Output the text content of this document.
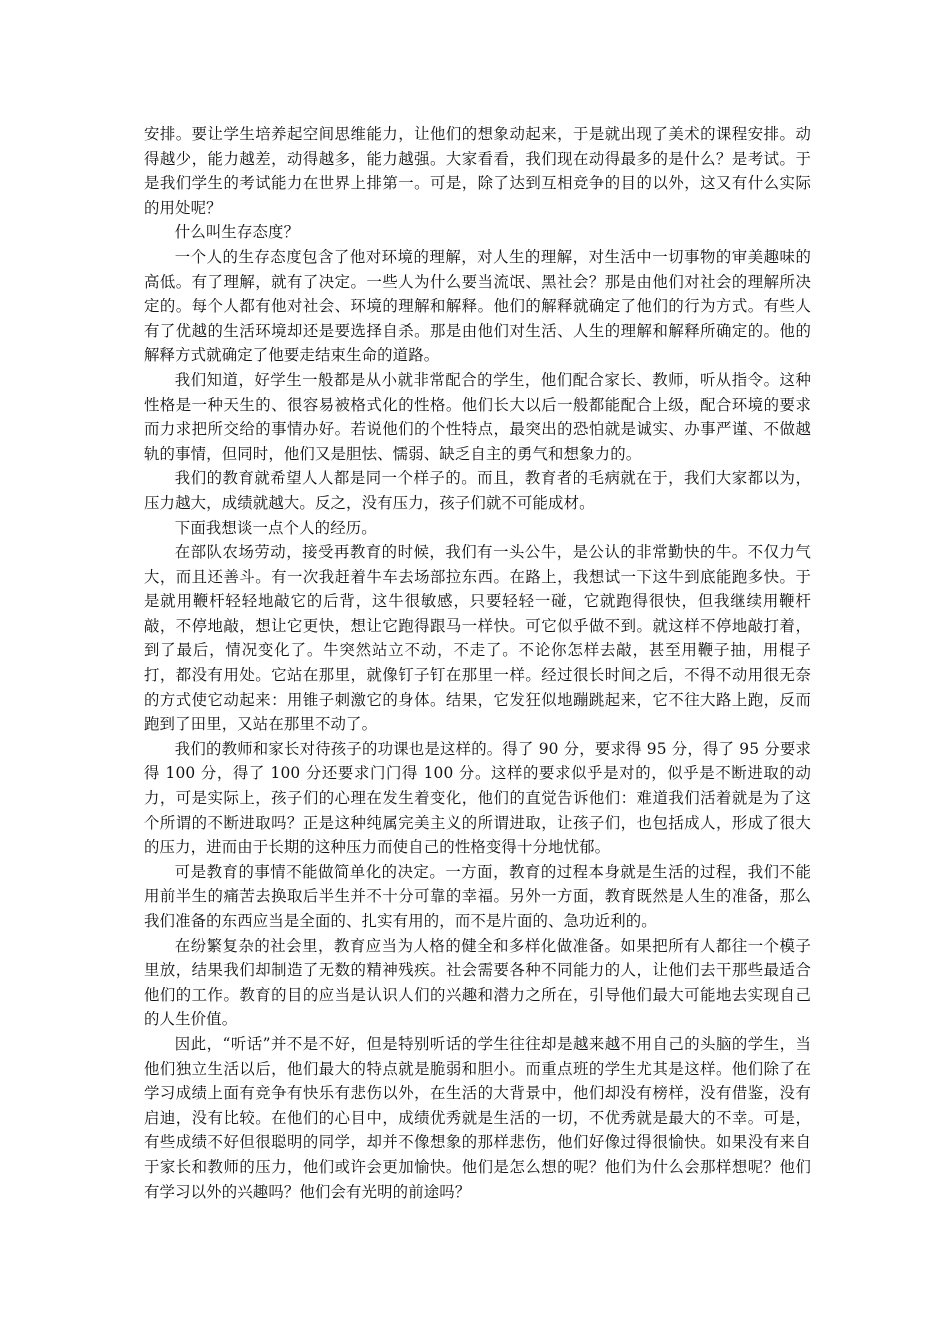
安排。要让学生培养起空间思维能力，让他们的想象动起来，于是就出现了美术的课程安排。动得越少，能力越差，动得越多，能力越强。大家看看，我们现在动得最多的是什么？是考试。于是我们学生的考试能力在世界上排第一。可是，除了达到互相竞争的目的以外，这又有什么实际的用处呢？

什么叫生存态度？

一个人的生存态度包含了他对环境的理解，对人生的理解，对生活中一切事物的审美趣味的高低。有了理解，就有了决定。一些人为什么要当流氓、黑社会？那是由他们对社会的理解所决定的。每个人都有他对社会、环境的理解和解释。他们的解释就确定了他们的行为方式。有些人有了优越的生活环境却还是要选择自杀。那是由他们对生活、人生的理解和解释所确定的。他的解释方式就确定了他要走结束生命的道路。

我们知道，好学生一般都是从小就非常配合的学生，他们配合家长、教师，听从指令。这种性格是一种天生的、很容易被格式化的性格。他们长大以后一般都能配合上级，配合环境的要求而力求把所交给的事情办好。若说他们的个性特点，最突出的恐怕就是诚实、办事严谨、不做越轨的事情，但同时，他们又是胆怯、懦弱、缺乏自主的勇气和想象力的。

我们的教育就希望人人都是同一个样子的。而且，教育者的毛病就在于，我们大家都以为，压力越大，成绩就越大。反之，没有压力，孩子们就不可能成材。

下面我想谈一点个人的经历。

在部队农场劳动，接受再教育的时候，我们有一头公牛，是公认的非常勤快的牛。不仅力气大，而且还善斗。有一次我赶着牛车去场部拉东西。在路上，我想试一下这牛到底能跑多快。于是就用鞭杆轻轻地敲它的后背，这牛很敏感，只要轻轻一碰，它就跑得很快，但我继续用鞭杆敲，不停地敲，想让它更快，想让它跑得跟马一样快。可它似乎做不到。就这样不停地敲打着，到了最后，情况变化了。牛突然站立不动，不走了。不论你怎样去敲，甚至用鞭子抽，用棍子打，都没有用处。它站在那里，就像钉子钉在那里一样。经过很长时间之后，不得不动用很无奈的方式使它动起来：用锥子刺激它的身体。结果，它发狂似地蹦跳起来，它不往大路上跑，反而跑到了田里，又站在那里不动了。

我们的教师和家长对待孩子的功课也是这样的。得了 90 分，要求得 95 分，得了 95 分要求得 100 分，得了 100 分还要求门门得 100 分。这样的要求似乎是对的，似乎是不断进取的动力，可是实际上，孩子们的心理在发生着变化，他们的直觉告诉他们：难道我们活着就是为了这个所谓的不断进取吗？正是这种纯属完美主义的所谓进取，让孩子们，也包括成人，形成了很大的压力，进而由于长期的这种压力而使自己的性格变得十分地忧郁。

可是教育的事情不能做简单化的决定。一方面，教育的过程本身就是生活的过程，我们不能用前半生的痛苦去换取后半生并不十分可靠的幸福。另外一方面，教育既然是人生的准备，那么我们准备的东西应当是全面的、扎实有用的，而不是片面的、急功近利的。

在纷繁复杂的社会里，教育应当为人格的健全和多样化做准备。如果把所有人都往一个模子里放，结果我们却制造了无数的精神残疾。社会需要各种不同能力的人，让他们去干那些最适合他们的工作。教育的目的应当是认识人们的兴趣和潜力之所在，引导他们最大可能地去实现自己的人生价值。

因此，“听话”并不是不好，但是特别听话的学生往往却是越来越不用自己的头脑的学生，当他们独立生活以后，他们最大的特点就是脆弱和胆小。而重点班的学生尤其是这样。他们除了在学习成绩上面有竞争有快乐有悲伤以外，在生活的大背景中，他们却没有榜样，没有借鉴，没有启迪，没有比较。在他们的心目中，成绩优秀就是生活的一切，不优秀就是最大的不幸。可是，有些成绩不好但很聪明的同学，却并不像想象的那样悲伤，他们好像过得很愉快。如果没有来自于家长和教师的压力，他们或许会更加愉快。他们是怎么想的呢？他们为什么会那样想呢？他们有学习以外的兴趣吗？他们会有光明的前途吗？
